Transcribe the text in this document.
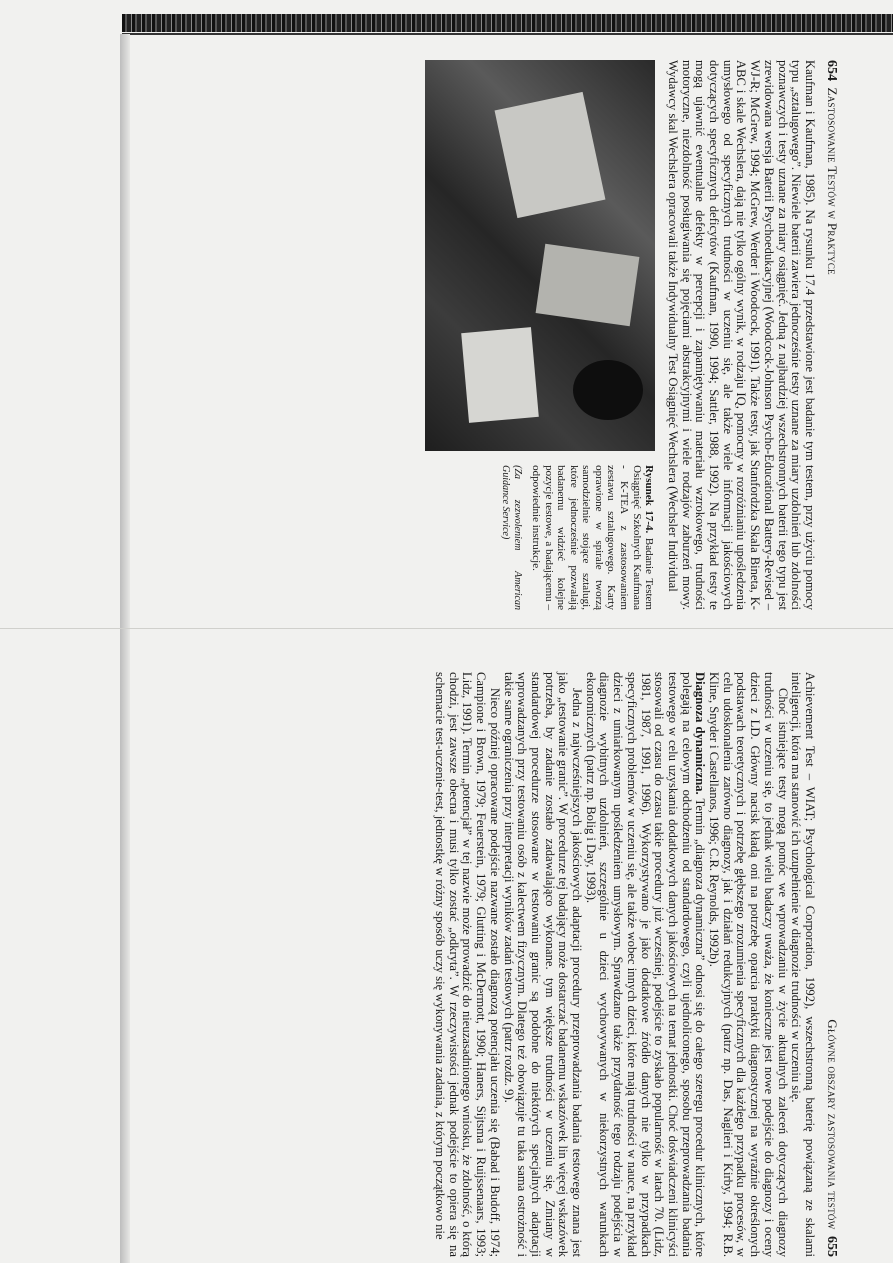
654  Zastosowanie Testów w Praktyce

Kaufman i Kaufman, 1985). Na rysunku 17.4 przedstawione jest badanie tym testem, przy użyciu pomocy typu „sztalugowego”. Niewiele baterii zawiera jednocześnie testy uznane za miary uzdolnień lub zdolności poznawczych i testy uznane za miary osiągnięć. Jedną z najbardziej wszechstronnych baterii tego typu jest zrewidowana wersja Baterii Psychoedukacyjnej (Woodcock-Johnson Psycho-Educational Battery-Revised – WJ-R; McGrew, 1994; McGrew, Werder i Woodcock, 1991). Także testy, jak Stanfordzka Skala Bineta, K-ABC i skale Wechslera, dają nie tylko ogólny wynik, w rodzaju IQ, pomocny w rozróżnianiu upośledzenia umysłowego od specyficznych trudności w uczeniu się, ale także wiele informacji jakościowych dotyczących specyficznych deficytów (Kaufman, 1990, 1994; Sattler, 1988, 1992). Na przykład testy te mogą ujawnić ewentualne defekty w percepcji i zapamiętywaniu materiału wzrokowego, trudności motoryczne, niezdolność posługiwania się pojęciami abstrakcyjnymi i wiele rodzajów zaburzeń mowy. Wydawcy skal Wechslera opracowali także Indywidualny Test Osiągnięć Wechslera (Wechsler Individual

Rysunek 17-4. Badanie Testem Osiągnięć Szkolnych Kaufmana - K-TEA z zastosowaniem zestawu sztalugowego. Karty oprawione w spirale tworzą samodzielnie stojące sztalugi, które jednocześnie pozwalają badanemu widzieć kolejne pozycje testowe, a badającemu – odpowiednie instrukcje.
(Za zezwoleniem American Guidance Service)
Główne obszary zastosowania testów  655

Achievement Test – WIAT; Psychological Corporation, 1992), wszechstronną baterię powiązaną ze skalami inteligencji, która ma stanowić ich uzupełnienie w diagnozie trudności w uczeniu się.

Choć istniejące testy mogą pomóc we wprowadzaniu w życie aktualnych zaleceń dotyczących diagnozy trudności w uczeniu się, to jednak wielu badaczy uważa, że konieczne jest nowe podejście do diagnozy i oceny dzieci z LD. Główny nacisk kładą oni na potrzebę oparcia praktyki diagnostycznej na wyraźnie określonych podstawach teoretycznych i potrzebę głębszego zrozumienia specyficznych dla każdego przypadku procesów, w celu udoskonalenia zarówno diagnozy, jak i działań redukcyjnych (patrz np. Das, Naglieri i Kirby, 1994; R.B. Kline, Snyder i Castellanos, 1996; C.R. Reynolds, 1992b).

Diagnoza dynamiczna. Termin „diagnoza dynamiczna” odnosi się do całego szeregu procedur klinicznych, które polegają na celowym odchodzeniu od standardowego, czyli ujednoliconego, sposobu przeprowadzania badania testowego w celu uzyskania dodatkowych danych jakościowych na temat jednostki. Choć doświadczeni klinicyści stosowali od czasu do czasu takie procedury już wcześniej, podejście to zyskało popularność w latach 70. (Lidz, 1981, 1987, 1991, 1996). Wykorzystywano je jako dodatkowe źródło danych nie tylko w przypadkach specyficznych problemów w uczeniu się, ale także wobec innych dzieci, które mają trudności w nauce, na przykład dzieci z umiarkowanym upośledzeniem umysłowym. Sprawdzano także przydatność tego rodzaju podejścia w diagnozie wybitnych uzdolnień, szczególnie u dzieci wychowywanych w niekorzystnych warunkach ekonomicznych (patrz np. Bolig i Day, 1993).

Jedna z najwcześniejszych jakościowych adaptacji procedury przeprowadzania badania testowego znana jest jako „testowanie granic”. W procedurze tej badający może dostarczać badanemu wskazówek lin więcej wskazówek potrzeba, by zadanie zostało zadawalająco wykonane. tym większe trudności w uczeniu się. Zmiany w standardowej procedurze stosowane w testowaniu granic są podobne do niektórych specjalnych adaptacji wprowadzanych przy testowaniu osób z kalectwem fizycznym. Dlatego też obowiązuje tu taka sama ostrożność i takie same ograniczenia przy interpretacji wyników zadań testowych (patrz rozdz. 9).

Nieco później opracowane podejście nazwane zostało diagnozą potencjału uczenia się (Babad i Budoff, 1974; Campione i Brown, 1979; Feuerstein, 1979; Glutting i McDermott, 1990; Haners, Sijtsma i Ruijssenaars, 1993; Lidz, 1991). Termin „potencjał” w tej nazwie może prowadzić do nieuzasadnionego wniosku, że zdolność, o którą chodzi, jest zawsze obecna i musi tylko zostać „odkryta”. W rzeczywistości jednak podejście to opiera się na schemacie test-uczenie-test, jednostkę w różny sposób uczy się wykonywania zadania, z którym początkowo nie
